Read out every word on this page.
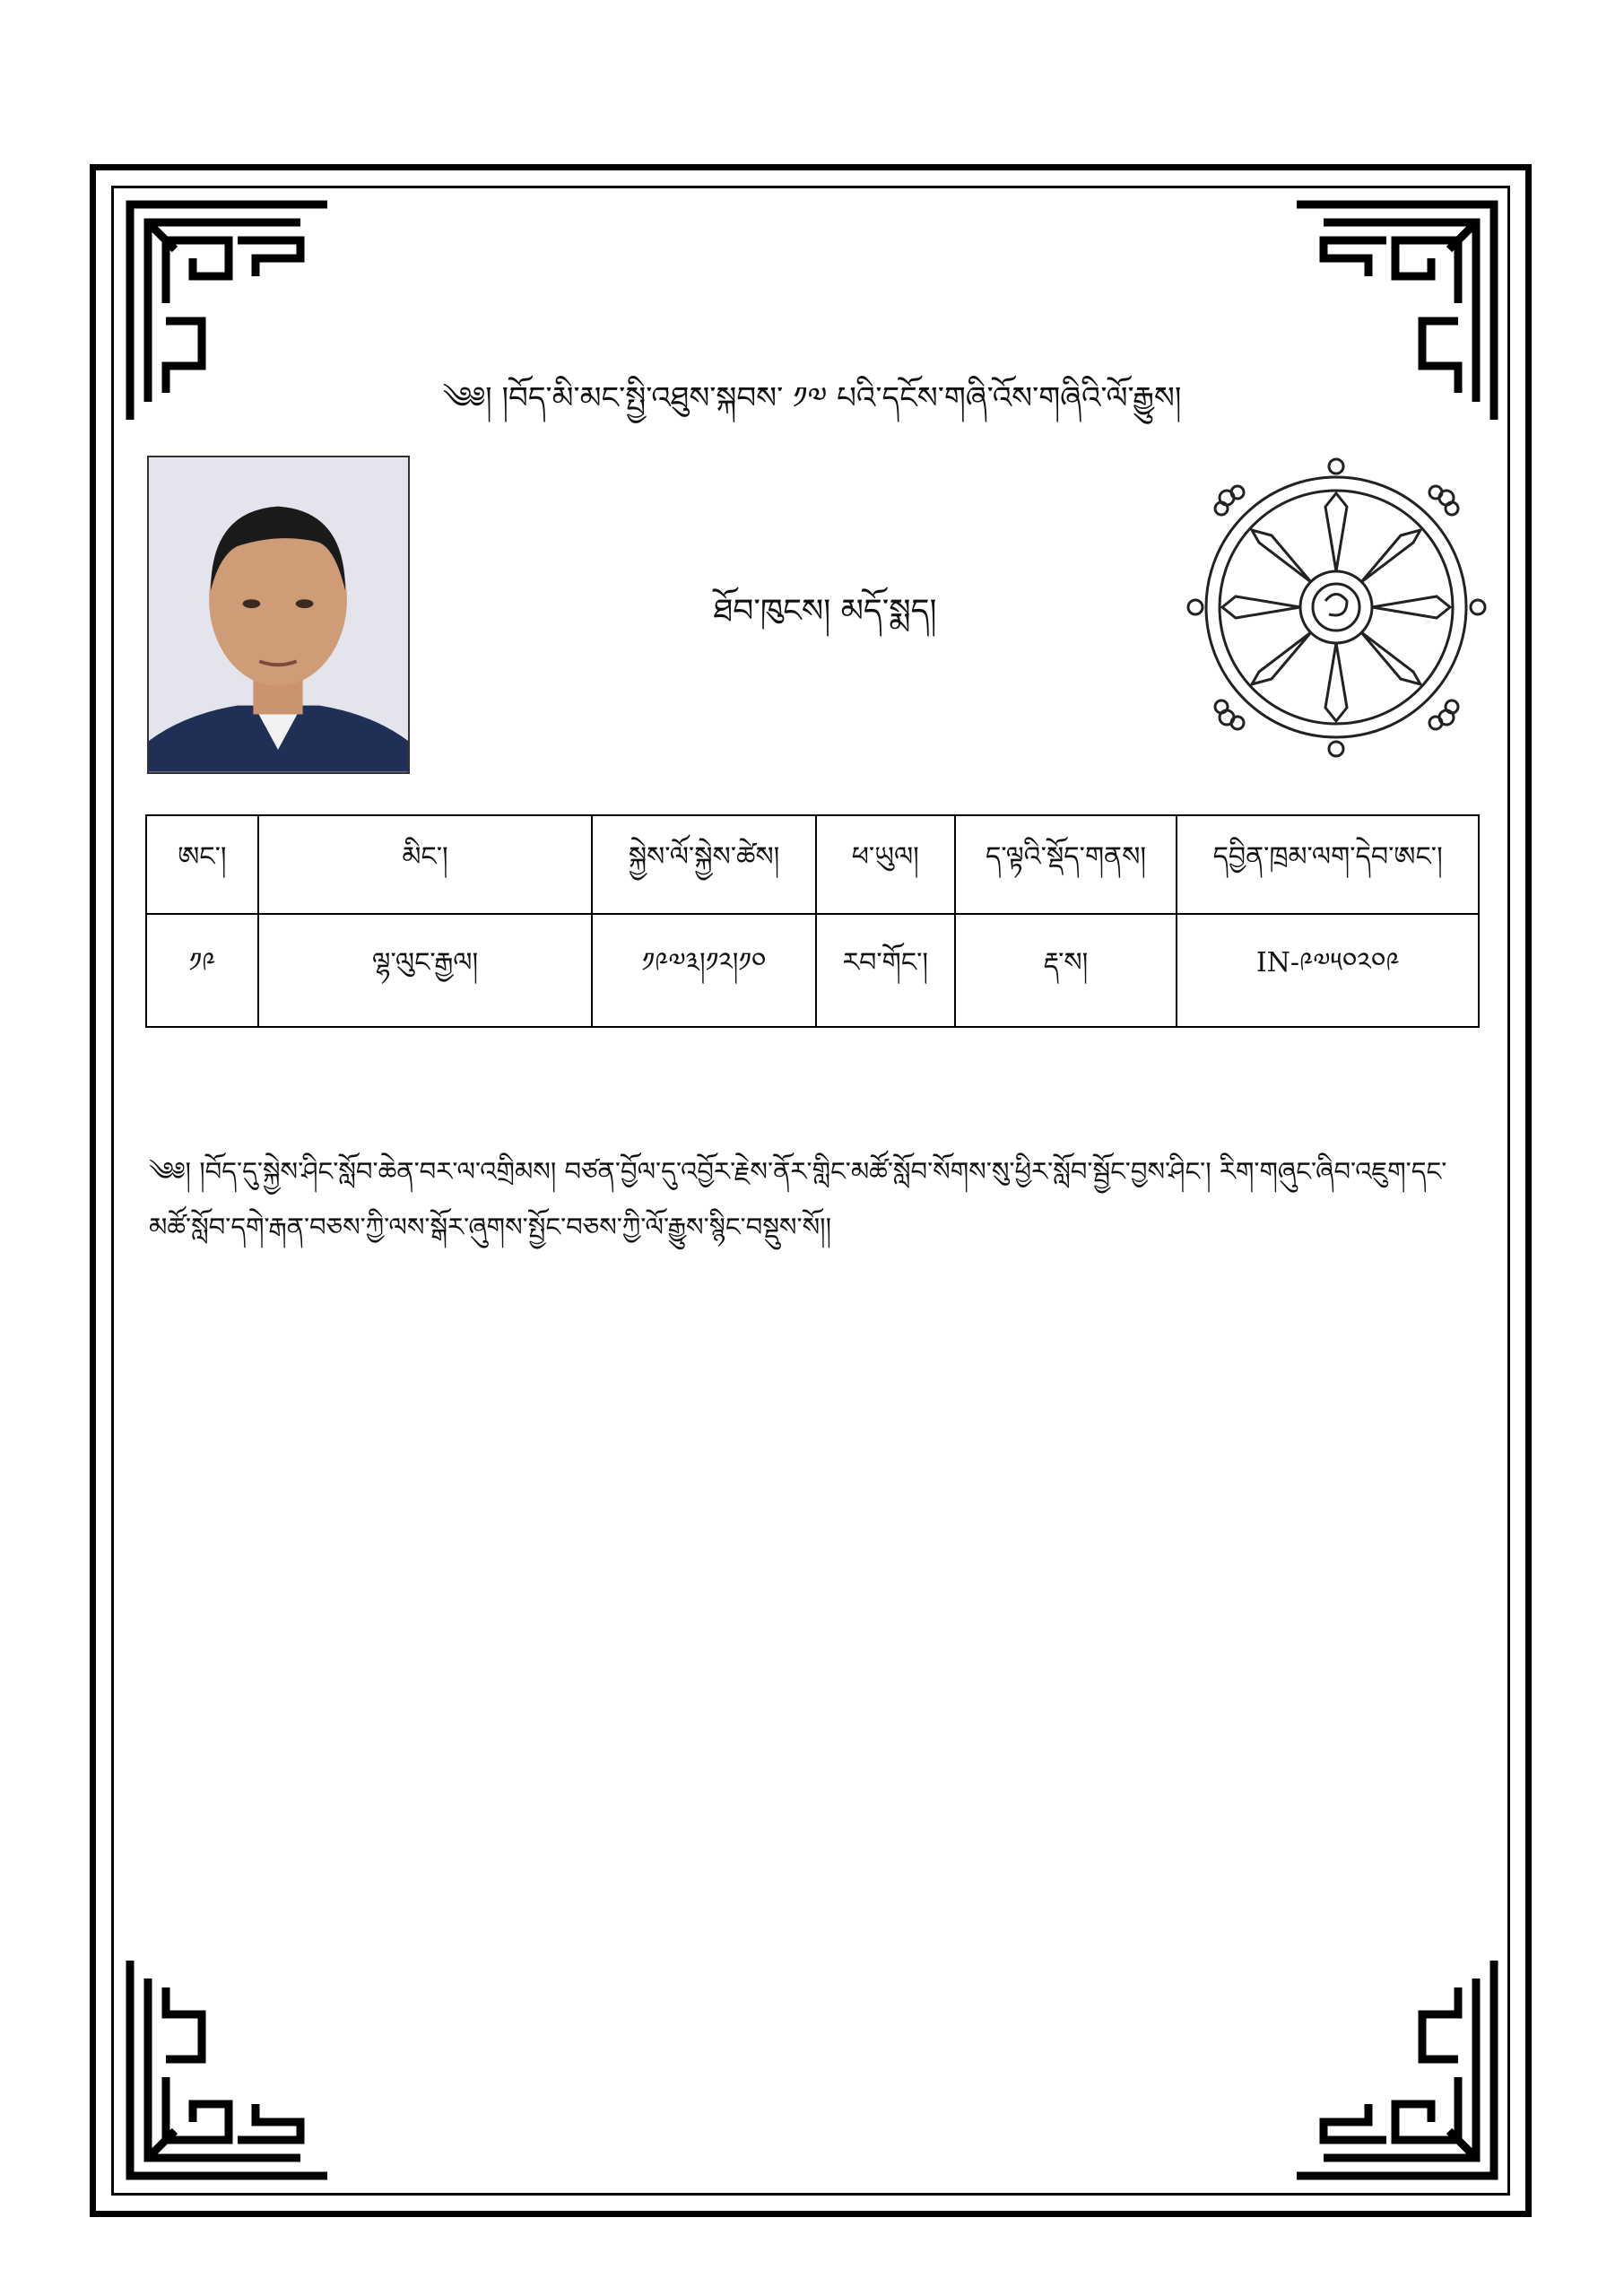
༄༅། །བོད་མི་མང་སྤྱི་འཐུས་སྐབས་ ༡༧ པའི་དངོས་གཞི་འོས་གཞིའི་ལོ་རྒྱུས།
ཐོབ་ཁུངས། མདོ་སྨད།
ཨང་།	མིང་།	སྐྱེས་ལོ་སྐྱེས་ཚེས།	ཕ་ཡུལ།	ད་ལྟའི་སྡོད་གནས།	དབྱིན་ཁྲམ་ལག་དེབ་ཨང་།
༡༩	ལྷ་ལུང་རྒྱལ།	༡༩༧༣།༡༢།༡༠	རབ་གོང་།	རྡ་ས།	IN-༩༧༥༠༢༠༩
༄༅། །བོད་དུ་སྐྱེས་ཤིང་སློབ་ཆེན་བར་ལ་འགྲིམས། བཙན་བྱོལ་དུ་འབྱོར་རྗེས་ནོར་གླིང་མཚོ་སློབ་སོགས་སུ་ཕྱིར་སློབ་སྦྱོང་བྱས་ཤིང་། རིག་གཞུང་ཞིབ་འཇུག་དང་མཚོ་སློབ་དགེ་རྒན་བཅས་ཀྱི་ལས་སྒོར་ཞུགས་སྤྱོང་བཅས་ཀྱི་ལོ་རྒྱུས་སྙིང་བསྡུས་སོ།།
